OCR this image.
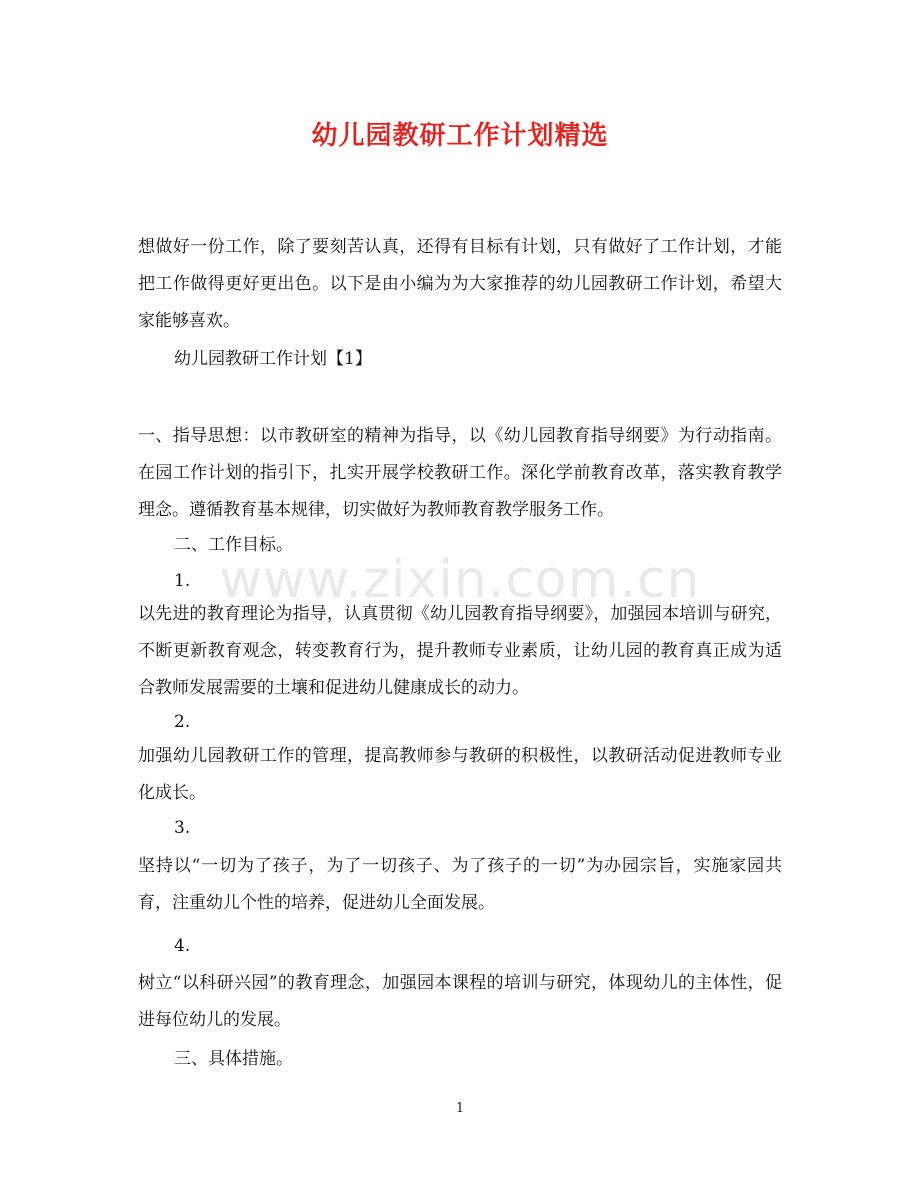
幼儿园教研工作计划精选

想做好一份工作，除了要刻苦认真，还得有目标有计划，只有做好了工作计划，才能把工作做得更好更出色。以下是由小编为为大家推荐的幼儿园教研工作计划，希望大家能够喜欢。

幼儿园教研工作计划【1】

一、指导思想：以市教研室的精神为指导，以《幼儿园教育指导纲要》为行动指南。在园工作计划的指引下，扎实开展学校教研工作。深化学前教育改革，落实教育教学理念。遵循教育基本规律，切实做好为教师教育教学服务工作。

二、工作目标。

1.

以先进的教育理论为指导，认真贯彻《幼儿园教育指导纲要》，加强园本培训与研究，不断更新教育观念，转变教育行为，提升教师专业素质，让幼儿园的教育真正成为适合教师发展需要的土壤和促进幼儿健康成长的动力。

2.

加强幼儿园教研工作的管理，提高教师参与教研的积极性，以教研活动促进教师专业化成长。

3.

坚持以“一切为了孩子，为了一切孩子、为了孩子的一切”为办园宗旨，实施家园共育，注重幼儿个性的培养，促进幼儿全面发展。

4.

树立“以科研兴园”的教育理念，加强园本课程的培训与研究，体现幼儿的主体性，促进每位幼儿的发展。

三、具体措施。

www.zixin.com.cn
1
